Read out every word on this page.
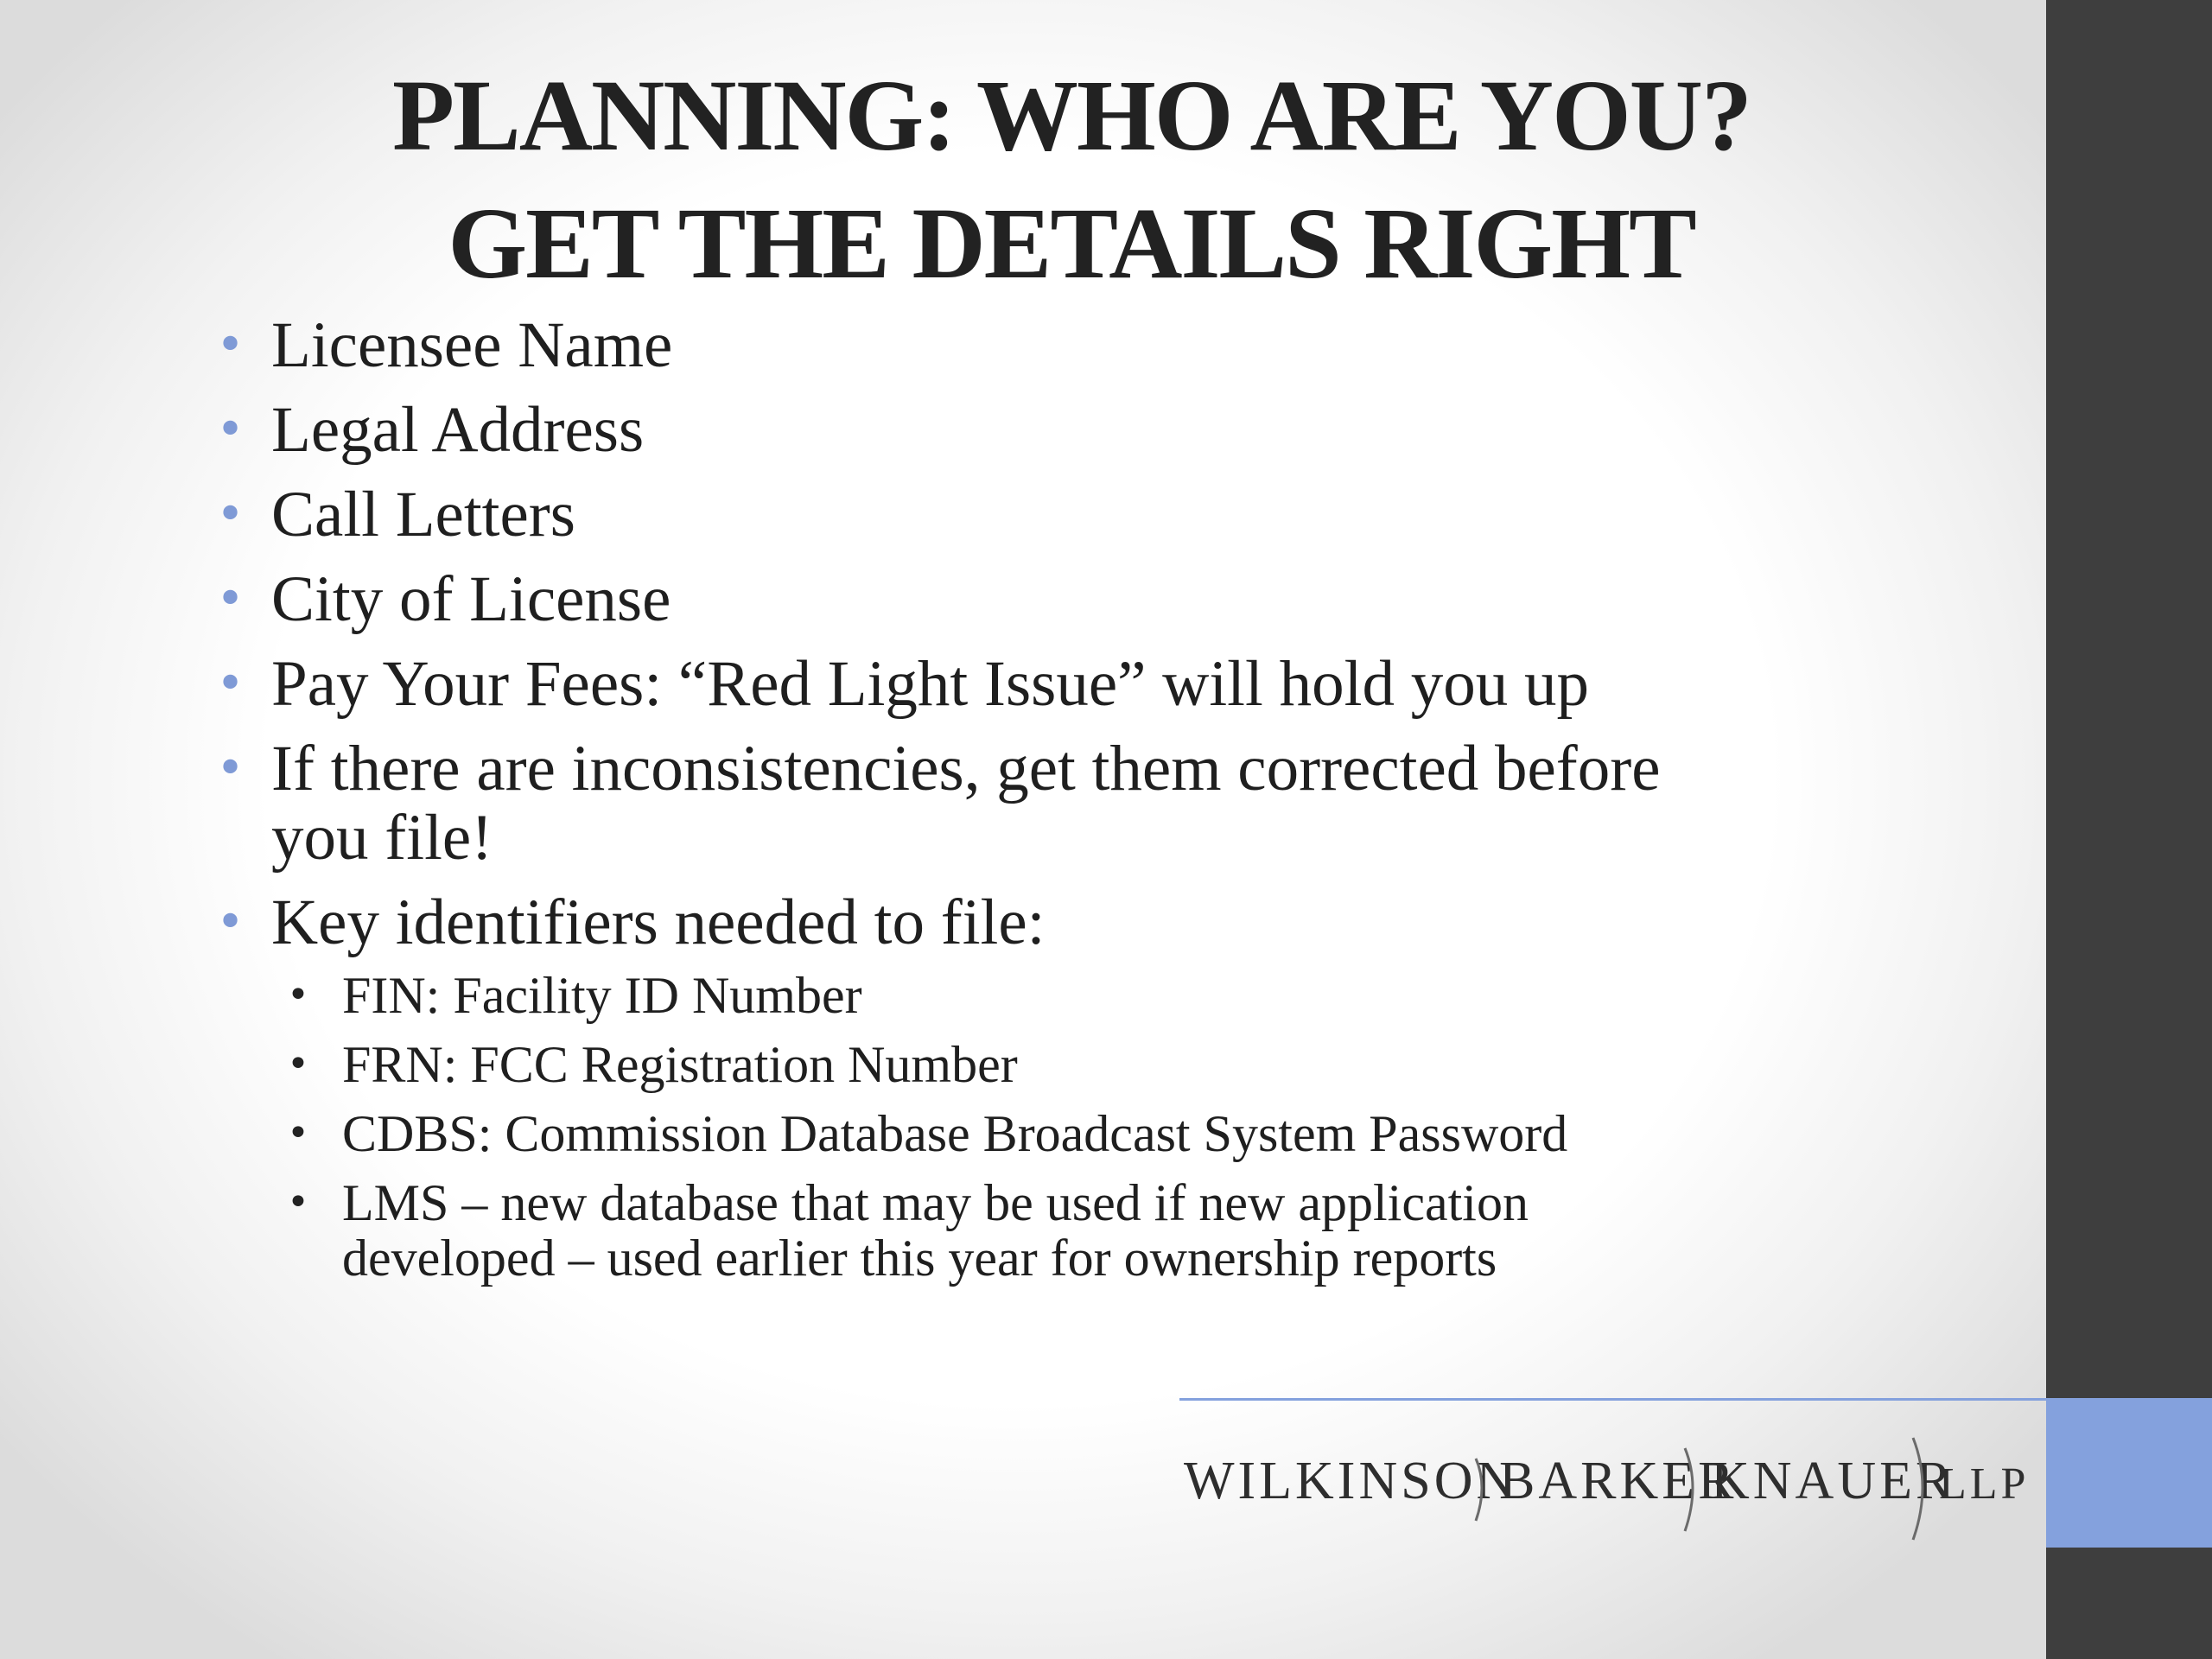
PLANNING: WHO ARE YOU?
GET THE DETAILS RIGHT
• Licensee Name
• Legal Address
• Call Letters
• City of License
• Pay Your Fees: “Red Light Issue” will hold you up
• If there are inconsistencies, get them corrected before you file!
• Key identifiers needed to file:
• FIN: Facility ID Number
• FRN: FCC Registration Number
• CDBS: Commission Database Broadcast System Password
• LMS – new database that may be used if new application developed – used earlier this year for ownership reports
WILKINSON
BARKER
KNAUER
LLP
